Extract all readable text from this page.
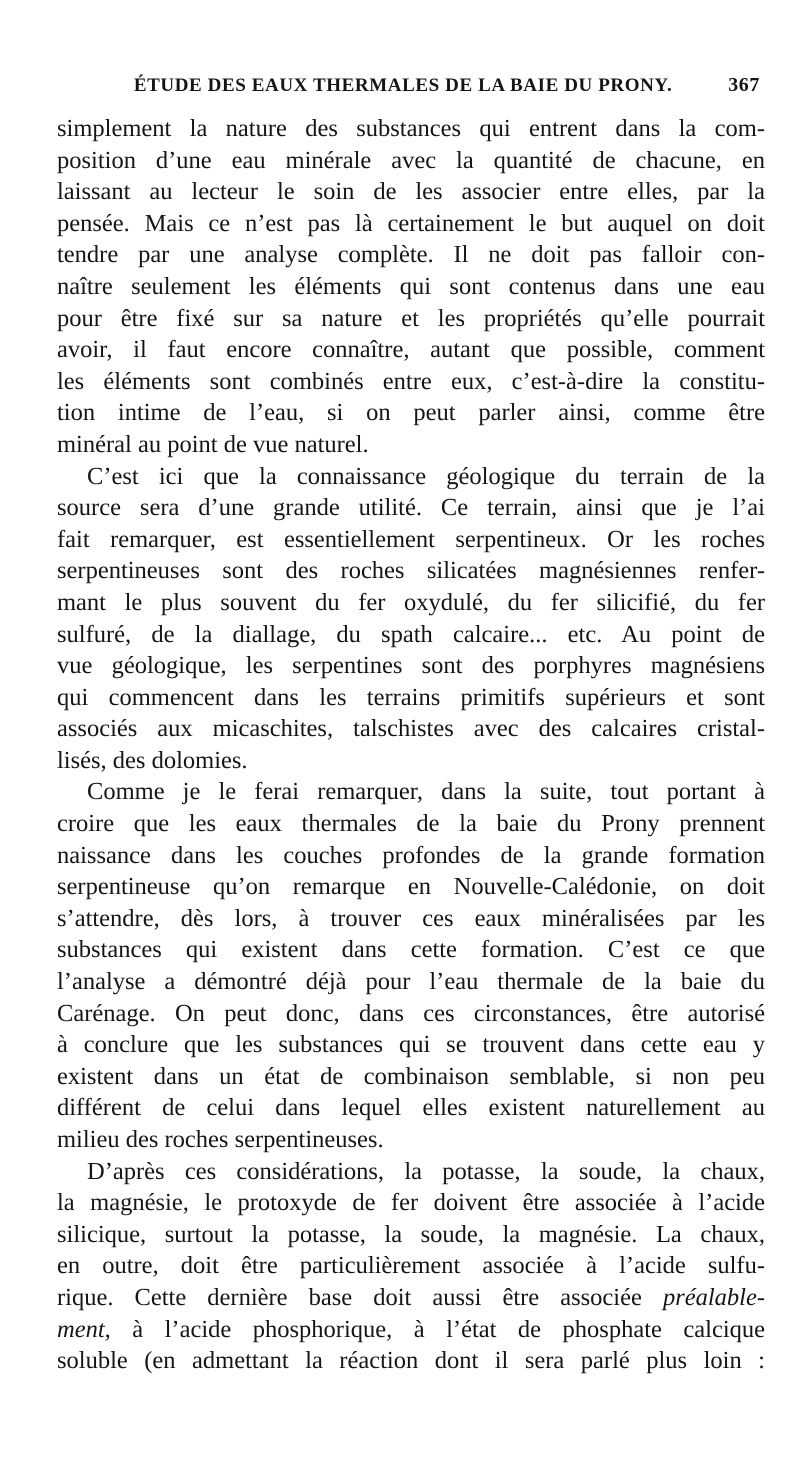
ÉTUDE DES EAUX THERMALES DE LA BAIE DU PRONY.	367
simplement la nature des substances qui entrent dans la com-
position d’une eau minérale avec la quantité de chacune, en
laissant au lecteur le soin de les associer entre elles, par la
pensée. Mais ce n’est pas là certainement le but auquel on doit
tendre par une analyse complète. Il ne doit pas falloir con-
naître seulement les éléments qui sont contenus dans une eau
pour être fixé sur sa nature et les propriétés qu’elle pourrait
avoir, il faut encore connaître, autant que possible, comment
les éléments sont combinés entre eux, c’est-à-dire la constitu-
tion intime de l’eau, si on peut parler ainsi, comme être
minéral au point de vue naturel.
C’est ici que la connaissance géologique du terrain de la
source sera d’une grande utilité. Ce terrain, ainsi que je l’ai
fait remarquer, est essentiellement serpentineux. Or les roches
serpentineuses sont des roches silicatées magnésiennes renfer-
mant le plus souvent du fer oxydulé, du fer silicifié, du fer
sulfuré, de la diallage, du spath calcaire... etc. Au point de
vue géologique, les serpentines sont des porphyres magnésiens
qui commencent dans les terrains primitifs supérieurs et sont
associés aux micaschites, talschistes avec des calcaires cristal-
lisés, des dolomies.
Comme je le ferai remarquer, dans la suite, tout portant à
croire que les eaux thermales de la baie du Prony prennent
naissance dans les couches profondes de la grande formation
serpentineuse qu’on remarque en Nouvelle-Calédonie, on doit
s’attendre, dès lors, à trouver ces eaux minéralisées par les
substances qui existent dans cette formation. C’est ce que
l’analyse a démontré déjà pour l’eau thermale de la baie du
Carénage. On peut donc, dans ces circonstances, être autorisé
à conclure que les substances qui se trouvent dans cette eau y
existent dans un état de combinaison semblable, si non peu
différent de celui dans lequel elles existent naturellement au
milieu des roches serpentineuses.
D’après ces considérations, la potasse, la soude, la chaux,
la magnésie, le protoxyde de fer doivent être associée à l’acide
silicique, surtout la potasse, la soude, la magnésie. La chaux,
en outre, doit être particulièrement associée à l’acide sulfu-
rique. Cette dernière base doit aussi être associée préalable-
ment, à l’acide phosphorique, à l’état de phosphate calcique
soluble (en admettant la réaction dont il sera parlé plus loin :
